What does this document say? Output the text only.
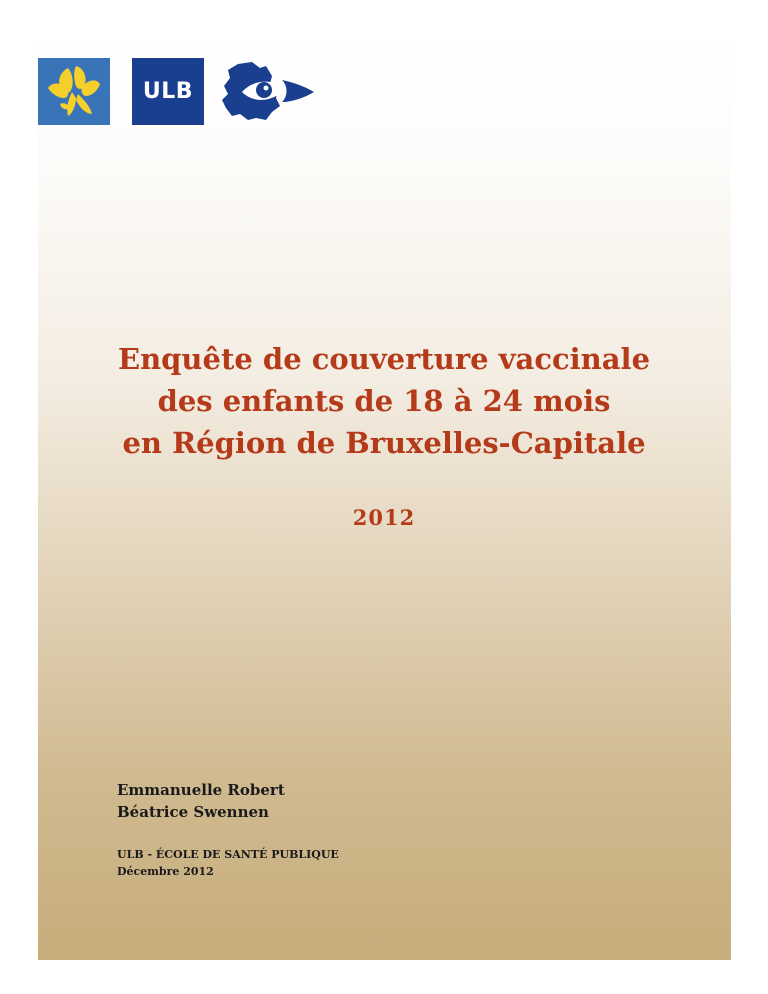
ULB
Enquête de couverture vaccinale
des enfants de 18 à 24 mois
en Région de Bruxelles-Capitale
2012
Emmanuelle Robert
Béatrice Swennen
ULB - ÉCOLE DE SANTÉ PUBLIQUE
Décembre 2012
